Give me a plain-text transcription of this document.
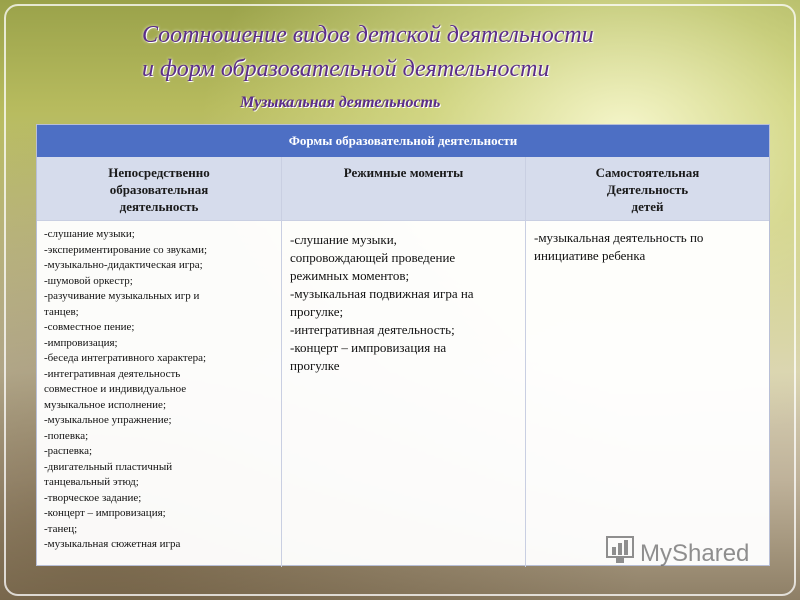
Соотношение видов детской деятельности
и форм образовательной деятельности
Музыкальная деятельность
Формы образовательной деятельности
Непосредственно
образовательная
деятельность
-слушание музыки;
-экспериментирование со звуками;
-музыкально-дидактическая игра;
-шумовой оркестр;
-разучивание музыкальных игр и
танцев;
-совместное пение;
-импровизация;
-беседа интегративного характера;
-интегративная деятельность
совместное и индивидуальное
музыкальное исполнение;
-музыкальное упражнение;
-попевка;
-распевка;
-двигательный пластичный
танцевальный этюд;
-творческое задание;
-концерт – импровизация;
-танец;
-музыкальная сюжетная игра
Режимные моменты
-слушание музыки,
сопровождающей проведение
режимных моментов;
-музыкальная подвижная игра на
прогулке;
-интегративная деятельность;
-концерт – импровизация на
прогулке
Самостоятельная
Деятельность
детей
-музыкальная деятельность по
инициативе ребенка
MyShared
